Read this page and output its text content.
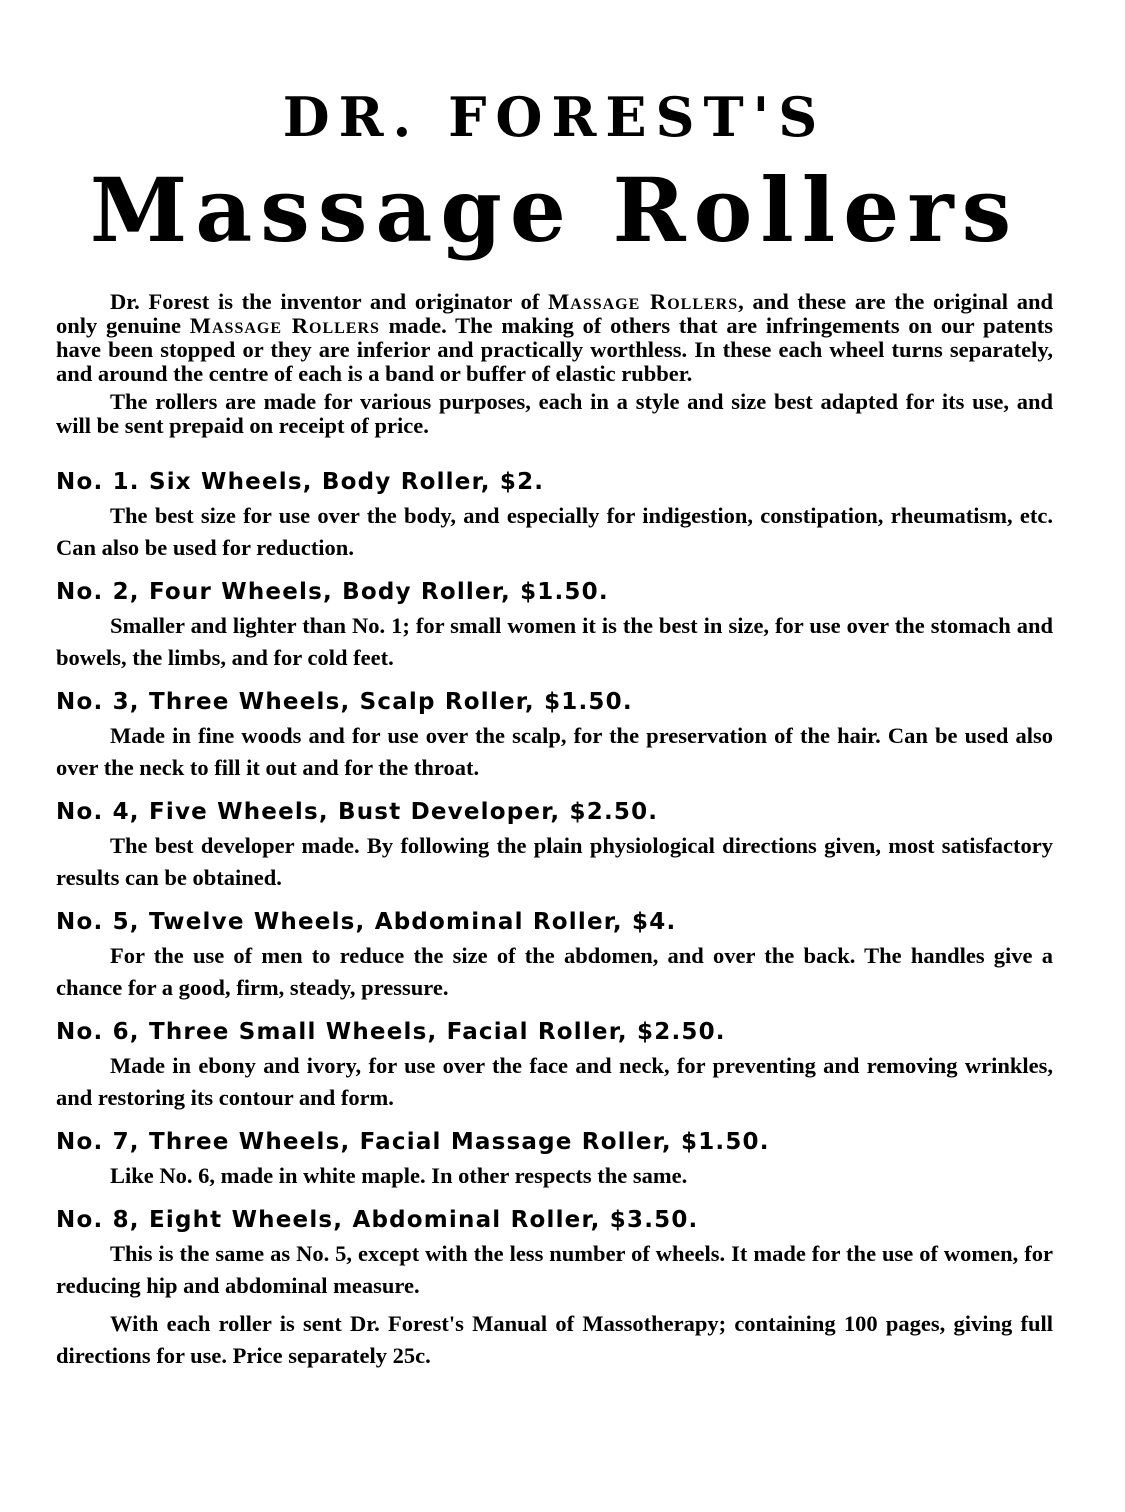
DR. FOREST'S
Massage Rollers

Dr. Forest is the inventor and originator of Massage Rollers, and these are the original and only genuine Massage Rollers made. The making of others that are infringements on our patents have been stopped or they are inferior and practically worthless. In these each wheel turns separately, and around the centre of each is a band or buffer of elastic rubber.

The rollers are made for various purposes, each in a style and size best adapted for its use, and will be sent prepaid on receipt of price.

No. 1. Six Wheels, Body Roller, $2.

The best size for use over the body, and especially for indigestion, constipation, rheumatism, etc. Can also be used for reduction.

No. 2, Four Wheels, Body Roller, $1.50.

Smaller and lighter than No. 1; for small women it is the best in size, for use over the stomach and bowels, the limbs, and for cold feet.

No. 3, Three Wheels, Scalp Roller, $1.50.

Made in fine woods and for use over the scalp, for the preservation of the hair. Can be used also over the neck to fill it out and for the throat.

No. 4, Five Wheels, Bust Developer, $2.50.

The best developer made. By following the plain physiological directions given, most satisfactory results can be obtained.

No. 5, Twelve Wheels, Abdominal Roller, $4.

For the use of men to reduce the size of the abdomen, and over the back. The handles give a chance for a good, firm, steady, pressure.

No. 6, Three Small Wheels, Facial Roller, $2.50.

Made in ebony and ivory, for use over the face and neck, for preventing and removing wrinkles, and restoring its contour and form.

No. 7, Three Wheels, Facial Massage Roller, $1.50.

Like No. 6, made in white maple. In other respects the same.

No. 8, Eight Wheels, Abdominal Roller, $3.50.

This is the same as No. 5, except with the less number of wheels. It made for the use of women, for reducing hip and abdominal measure.

With each roller is sent Dr. Forest's Manual of Massotherapy; containing 100 pages, giving full directions for use. Price separately 25c.
